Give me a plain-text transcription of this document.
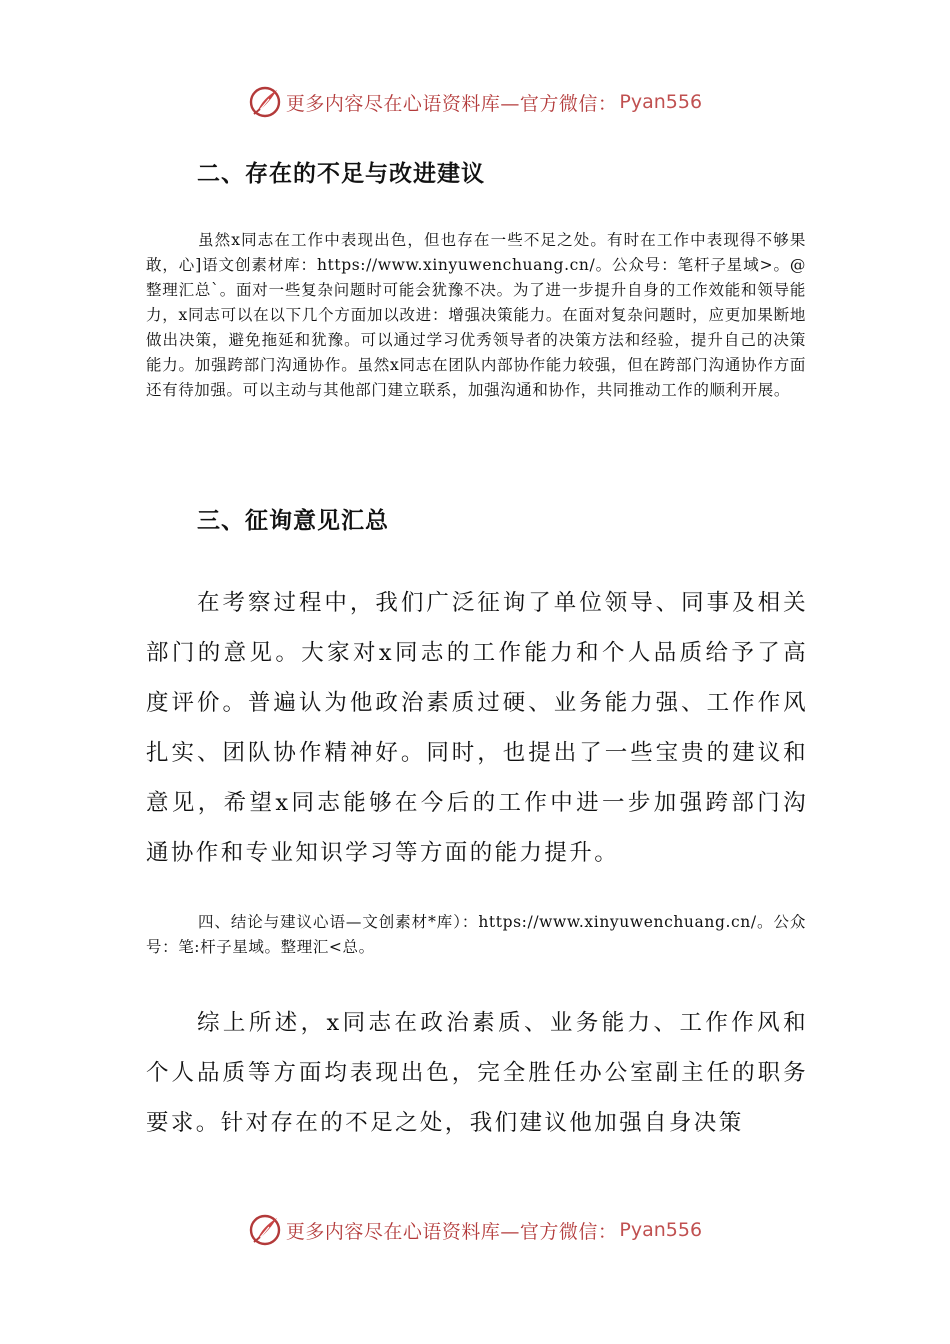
更多内容尽在心语资料库—官方微信： Pyan556
二、存在的不足与改进建议

虽然x同志在工作中表现出色，但也存在一些不足之处。有时在工作中表现得不够果敢，心]语文创素材库：https://www.xinyuwenchuang.cn/。公众号：笔杆子星域>。@整理汇总`。面对一些复杂问题时可能会犹豫不决。为了进一步提升自身的工作效能和领导能力，x同志可以在以下几个方面加以改进：增强决策能力。在面对复杂问题时，应更加果断地做出决策，避免拖延和犹豫。可以通过学习优秀领导者的决策方法和经验，提升自己的决策能力。加强跨部门沟通协作。虽然x同志在团队内部协作能力较强，但在跨部门沟通协作方面还有待加强。可以主动与其他部门建立联系，加强沟通和协作，共同推动工作的顺利开展。

三、征询意见汇总

在考察过程中，我们广泛征询了单位领导、同事及相关部门的意见。大家对x同志的工作能力和个人品质给予了高度评价。普遍认为他政治素质过硬、业务能力强、工作作风扎实、团队协作精神好。同时，也提出了一些宝贵的建议和意见，希望x同志能够在今后的工作中进一步加强跨部门沟通协作和专业知识学习等方面的能力提升。

四、结论与建议心语—文创素材*库）：https://www.xinyuwenchuang.cn/。公众号：笔:杆子星域。整理汇<总。

综上所述，x同志在政治素质、业务能力、工作作风和个人品质等方面均表现出色，完全胜任办公室副主任的职务要求。针对存在的不足之处，我们建议他加强自身决策

更多内容尽在心语资料库—官方微信： Pyan556
